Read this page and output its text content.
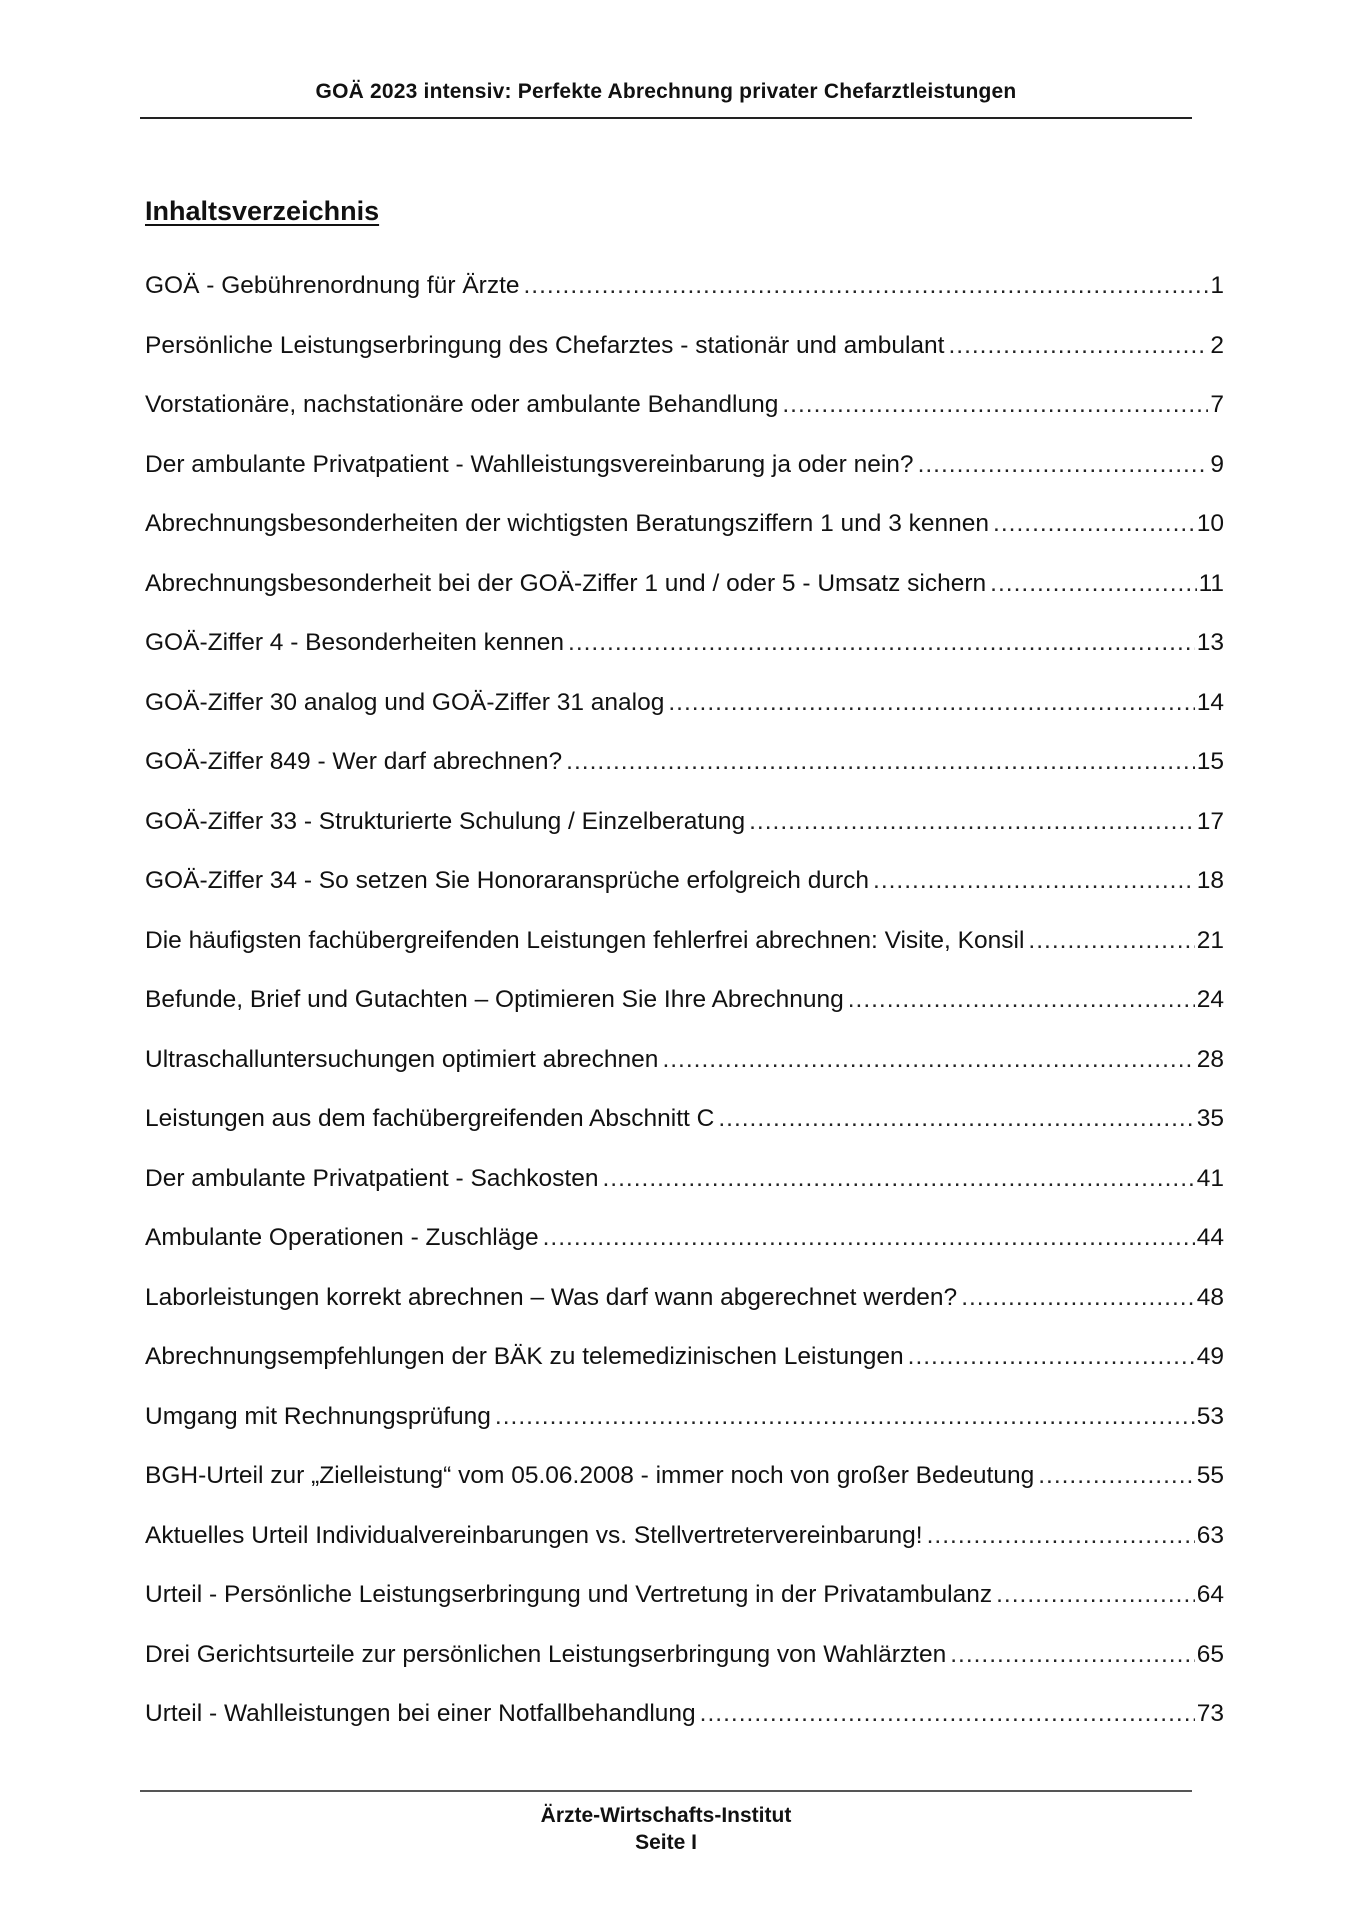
GOÄ 2023 intensiv: Perfekte Abrechnung privater Chefarztleistungen
Inhaltsverzeichnis
GOÄ - Gebührenordnung für Ärzte .....	1
Persönliche Leistungserbringung des Chefarztes - stationär und ambulant .....	2
Vorstationäre, nachstationäre oder ambulante Behandlung .....	7
Der ambulante Privatpatient - Wahlleistungsvereinbarung ja oder nein? .....	9
Abrechnungsbesonderheiten der wichtigsten Beratungsziffern 1 und 3 kennen .....	10
Abrechnungsbesonderheit bei der GOÄ-Ziffer 1 und / oder 5 - Umsatz sichern .....	11
GOÄ-Ziffer 4 - Besonderheiten kennen .....	13
GOÄ-Ziffer 30 analog und GOÄ-Ziffer 31 analog .....	14
GOÄ-Ziffer 849 - Wer darf abrechnen? .....	15
GOÄ-Ziffer 33 - Strukturierte Schulung / Einzelberatung .....	17
GOÄ-Ziffer 34 - So setzen Sie Honoraransprüche erfolgreich durch .....	18
Die häufigsten fachübergreifenden Leistungen fehlerfrei abrechnen: Visite, Konsil .....	21
Befunde, Brief und Gutachten – Optimieren Sie Ihre Abrechnung .....	24
Ultraschalluntersuchungen optimiert abrechnen .....	28
Leistungen aus dem fachübergreifenden Abschnitt C .....	35
Der ambulante Privatpatient - Sachkosten .....	41
Ambulante Operationen - Zuschläge .....	44
Laborleistungen korrekt abrechnen – Was darf wann abgerechnet werden? .....	48
Abrechnungsempfehlungen der BÄK zu telemedizinischen Leistungen .....	49
Umgang mit Rechnungsprüfung .....	53
BGH-Urteil zur „Zielleistung“ vom 05.06.2008 - immer noch von großer Bedeutung .....	55
Aktuelles Urteil Individualvereinbarungen vs. Stellvertretervereinbarung! .....	63
Urteil - Persönliche Leistungserbringung und Vertretung in der Privatambulanz .....	64
Drei Gerichtsurteile zur persönlichen Leistungserbringung von Wahlärzten .....	65
Urteil - Wahlleistungen bei einer Notfallbehandlung .....	73
Ärzte-Wirtschafts-Institut
Seite I
